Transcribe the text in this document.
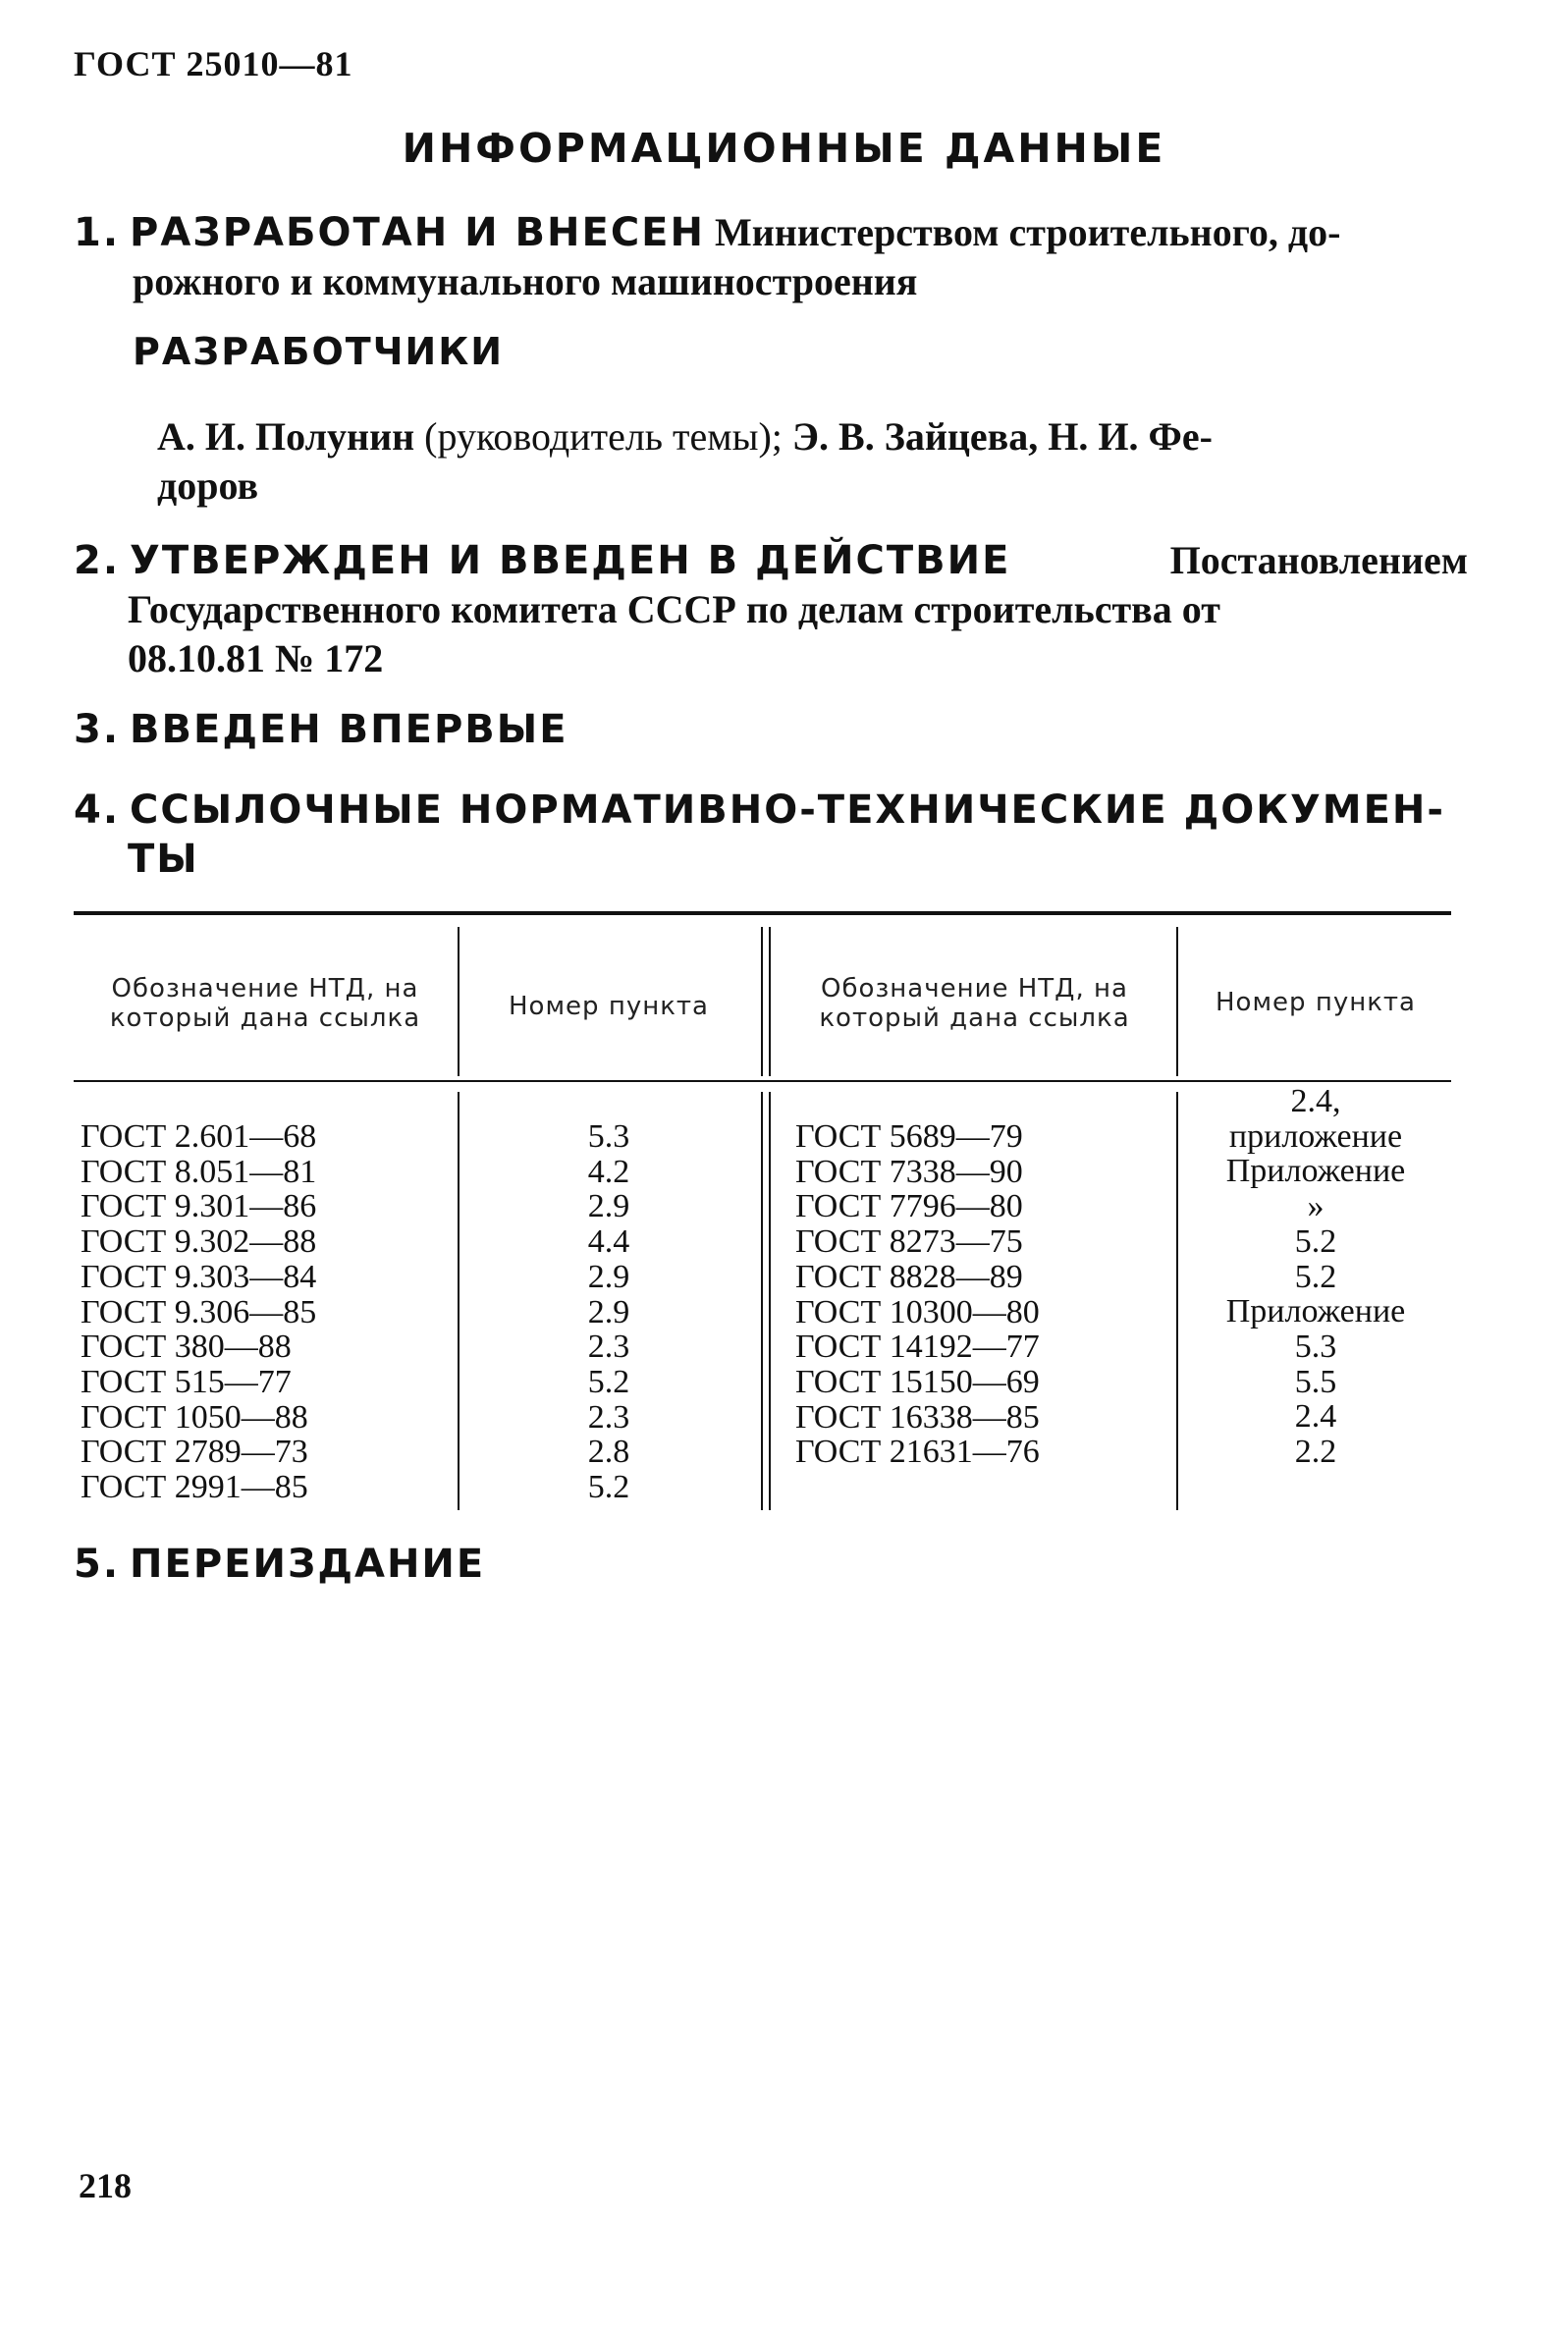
ГОСТ 25010—81
ИНФОРМАЦИОННЫЕ ДАННЫЕ
1. РАЗРАБОТАН И ВНЕСЕН Министерством строительного, до-
рожного и коммунального машиностроения
РАЗРАБОТЧИКИ
А. И. Полунин (руководитель темы); Э. В. Зайцева, Н. И. Фе-
доров
2. УТВЕРЖДЕН И ВВЕДЕН В ДЕЙСТВИЕ	Постановлением
Государственного комитета СССР по делам строительства от
08.10.81 № 172
3. ВВЕДЕН ВПЕРВЫЕ
4. ССЫЛОЧНЫЕ НОРМАТИВНО-ТЕХНИЧЕСКИЕ ДОКУМЕН-
ТЫ
Обозначение НТД, на
который дана ссылка	Номер пункта
Обозначение НТД, на
который дана ссылка
Номер пункта
ГОСТ 2.601—68
ГОСТ 8.051—81
ГОСТ 9.301—86
ГОСТ 9.302—88
ГОСТ 9.303—84
ГОСТ 9.306—85
ГОСТ 380—88
ГОСТ 515—77
ГОСТ 1050—88
ГОСТ 2789—73
ГОСТ 2991—85
5.3
4.2
2.9
4.4
2.9
2.9
2.3
5.2
2.3
2.8
5.2
ГОСТ 5689—79
ГОСТ 7338—90
ГОСТ 7796—80
ГОСТ 8273—75
ГОСТ 8828—89
ГОСТ 10300—80
ГОСТ 14192—77
ГОСТ 15150—69
ГОСТ 16338—85
ГОСТ 21631—76
2.4,
приложение
Приложение
»
5.2
5.2
Приложение
5.3
5.5
2.4
2.2
5. ПЕРЕИЗДАНИЕ
218
